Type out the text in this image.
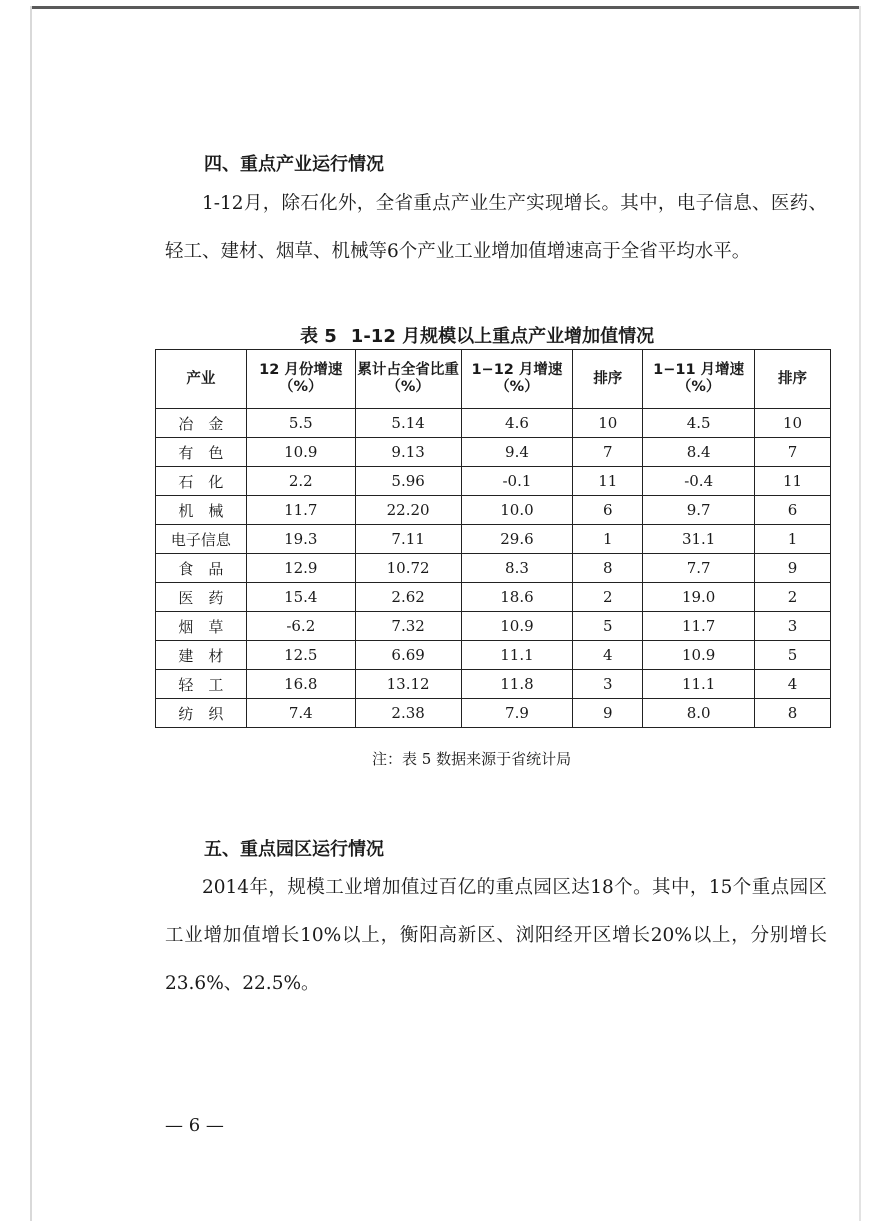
四、重点产业运行情况
1-12月，除石化外，全省重点产业生产实现增长。其中，电子信息、医药、轻工、建材、烟草、机械等6个产业工业增加值增速高于全省平均水平。
表 5 1-12 月规模以上重点产业增加值情况
产业	12 月份增速（%）	累计占全省比重（%）	1−12 月增速（%）	排序	1−11 月增速（%）	排序
冶　金	5.5	5.14	4.6	10	4.5	10
有　色	10.9	9.13	9.4	7	8.4	7
石　化	2.2	5.96	-0.1	11	-0.4	11
机　械	11.7	22.20	10.0	6	9.7	6
电子信息	19.3	7.11	29.6	1	31.1	1
食　品	12.9	10.72	8.3	8	7.7	9
医　药	15.4	2.62	18.6	2	19.0	2
烟　草	-6.2	7.32	10.9	5	11.7	3
建　材	12.5	6.69	11.1	4	10.9	5
轻　工	16.8	13.12	11.8	3	11.1	4
纺　织	7.4	2.38	7.9	9	8.0	8
注：表 5 数据来源于省统计局
五、重点园区运行情况
2014年，规模工业增加值过百亿的重点园区达18个。其中，15个重点园区工业增加值增长10%以上，衡阳高新区、浏阳经开区增长20%以上，分别增长23.6%、22.5%。
— 6 —
